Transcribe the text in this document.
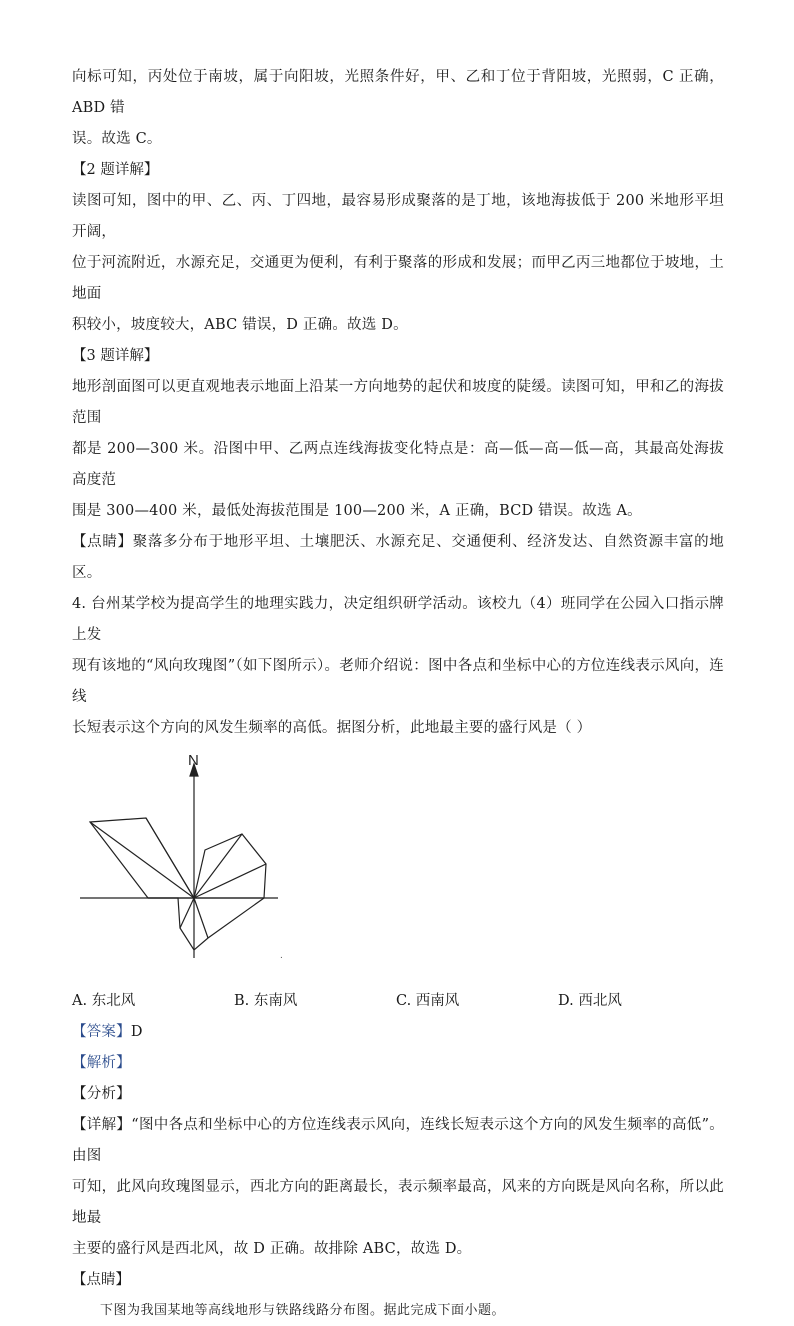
向标可知，丙处位于南坡，属于向阳坡，光照条件好，甲、乙和丁位于背阳坡，光照弱，C 正确，ABD 错

误。故选 C。

【2 题详解】

读图可知，图中的甲、乙、丙、丁四地，最容易形成聚落的是丁地，该地海拔低于 200 米地形平坦开阔，

位于河流附近，水源充足，交通更为便利，有利于聚落的形成和发展；而甲乙丙三地都位于坡地，土地面

积较小，坡度较大，ABC 错误，D 正确。故选 D。

【3 题详解】

地形剖面图可以更直观地表示地面上沿某一方向地势的起伏和坡度的陡缓。读图可知，甲和乙的海拔范围

都是 200—300 米。沿图中甲、乙两点连线海拔变化特点是：高—低—高—低—高，其最高处海拔高度范

围是 300—400 米，最低处海拔范围是 100—200 米，A 正确，BCD 错误。故选 A。

【点睛】聚落多分布于地形平坦、土壤肥沃、水源充足、交通便利、经济发达、自然资源丰富的地区。

4. 台州某学校为提高学生的地理实践力，决定组织研学活动。该校九（4）班同学在公园入口指示牌上发

现有该地的“风向玫瑰图”（如下图所示）。老师介绍说：图中各点和坐标中心的方位连线表示风向，连线

长短表示这个方向的风发生频率的高低。据图分析，此地最主要的盛行风是（ ）

N
.
A. 东北风	B. 东南风	C. 西南风	D. 西北风

【答案】D

【解析】

【分析】

【详解】“图中各点和坐标中心的方位连线表示风向，连线长短表示这个方向的风发生频率的高低”。由图

可知，此风向玫瑰图显示，西北方向的距离最长，表示频率最高，风来的方向既是风向名称，所以此地最

主要的盛行风是西北风，故 D 正确。故排除 ABC，故选 D。

【点睛】

下图为我国某地等高线地形与铁路线路分布图。据此完成下面小题。
